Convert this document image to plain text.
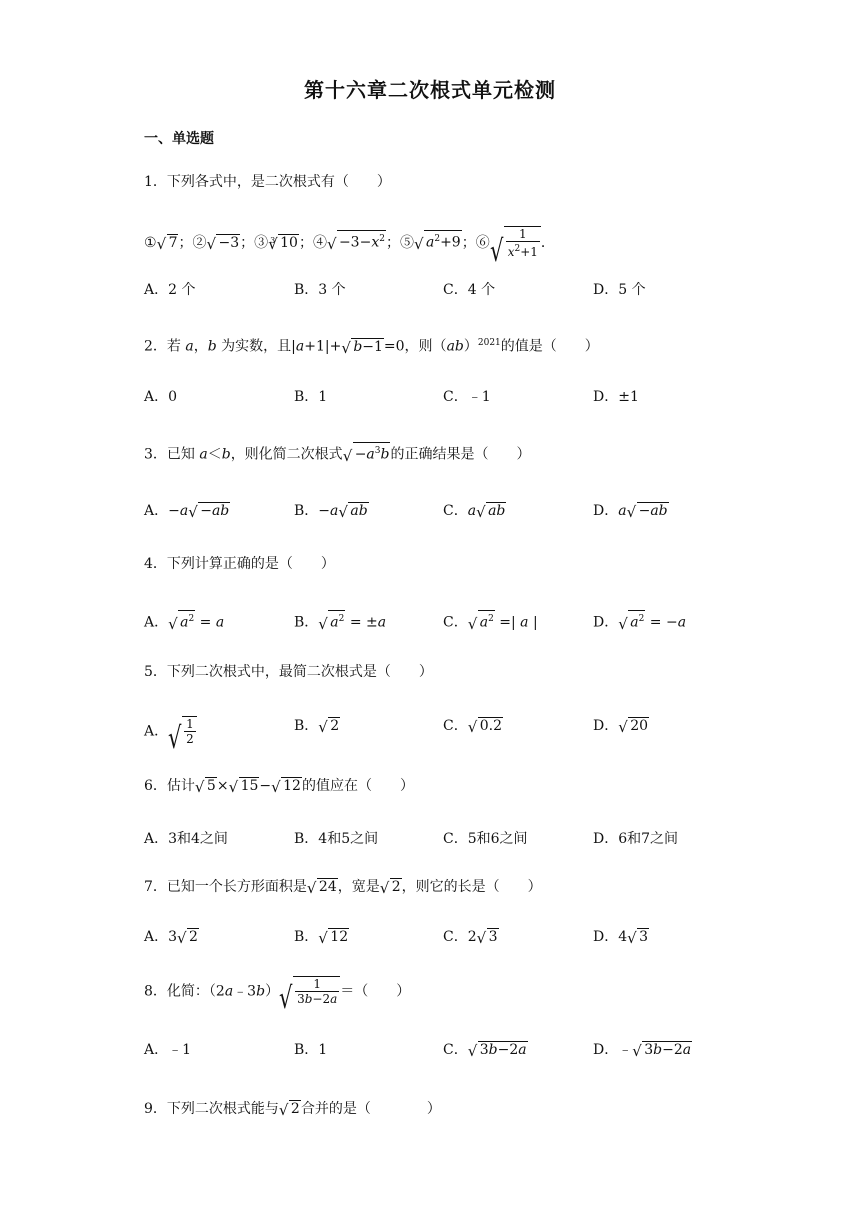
第十六章二次根式单元检测
一、单选题
1．下列各式中，是二次根式有（　　）
① √ 7；② √ −3；③ √ 3 10；④ √ $-3-x^2$；⑤ √ $a^2+9$；⑥ √ $\frac{1}{x^2+1}$ ．
A．2 个	B．3 个	C．4 个	D．5 个
2．若 a，b 为实数，且|a+1|+ √ b−1=0，则（ab）$^{2021}$的值是（　　）
A．0	B．1	C．﹣1	D．±1
3．已知 a＜b，则化简二次根式 √ $-a^3b$的正确结果是（　　）
A．−a √ −ab	B．−a √ ab	C．a √ ab	D．a √ −ab
4．下列计算正确的是（　　）
A． √ $a^2 = a$	B． √ $a^2 = \pm a$	C． √ $a^2$ =| a |	D． √ $a^2 = -a$
5．下列二次根式中，最简二次根式是（　　）
A． √ $\frac{1}{2}$	B． √ 2	C． √ 0.2	D． √ 20
6．估计 √ 5× √ 15− √ 12的值应在（　　）
A．3和4之间	B．4和5之间	C．5和6之间	D．6和7之间
7．已知一个长方形面积是 √ 24，宽是 √ 2，则它的长是（　　）
A．3 √ 2	B． √ 12	C．2 √ 3	D．4 √ 3
8．化简：（2a﹣3b） √ $\frac{1}{3b-2a}$ ＝（　　）
A．﹣1	B．1	C． √ 3b−2a	D．﹣ √ 3b−2a
9．下列二次根式能与 √ 2合并的是（　　　　）
